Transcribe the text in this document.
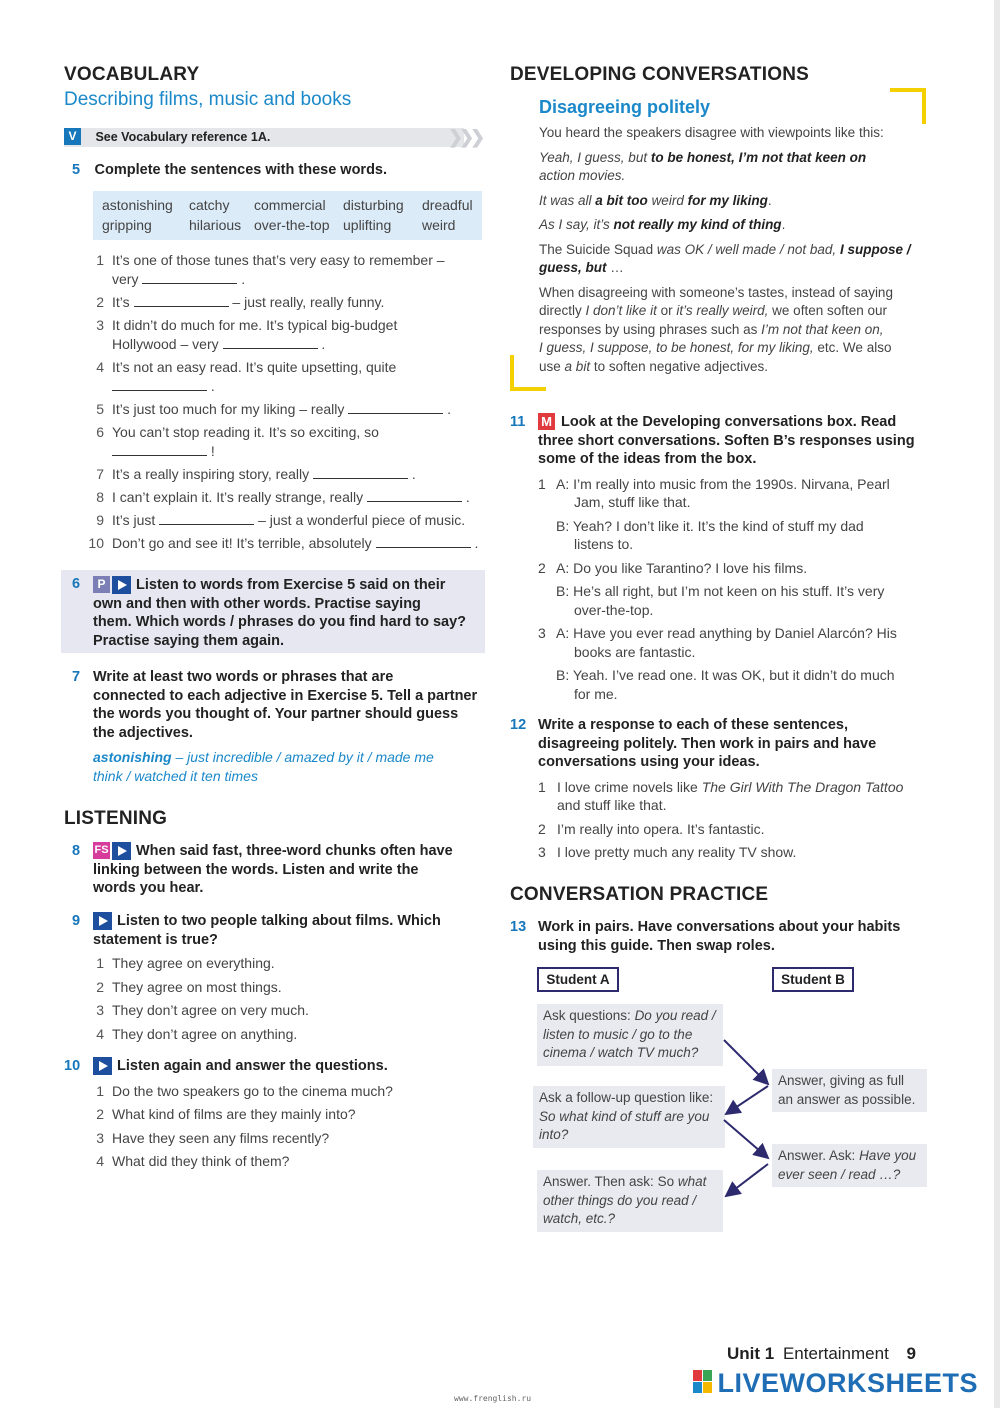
VOCABULARY
Describing films, music and books
V $^{See Vocabulary reference 1A.}$	❯❯❯
5 Complete the sentences with these words.
astonishing catchy commercial disturbing dreadful
gripping	hilarious over-the-top uplifting weird
1 It’s one of those tunes that’s very easy to remember –
very	.
2 It’s	– just really, really funny.
3 It didn’t do much for me. It’s typical big-budget
Hollywood – very	.
4 It’s not an easy read. It’s quite upsetting, quite
.
5 It’s just too much for my liking – really	.
6 You can’t stop reading it. It’s so exciting, so
!
7 It’s a really inspiring story, really	.
8 I can’t explain it. It’s really strange, really	.
9 It’s just	– just a wonderful piece of music.
10 Don’t go and see it! It’s terrible, absolutely	.
6	P Listen to words from Exercise 5 said on their
own and then with other words. Practise saying
them. Which words / phrases do you find hard to say?
Practise saying them again.
7 Write at least two words or phrases that are
connected to each adjective in Exercise 5. Tell a partner
the words you thought of. Your partner should guess
the adjectives.
astonishing – just incredible / amazed by it / made me
think / watched it ten times
LISTENING
8 FS When said fast, three-word chunks often have
linking between the words. Listen and write the
words you hear.
9	Listen to two people talking about films. Which
statement is true?
1 They agree on everything.
2 They agree on most things.
3 They don’t agree on very much.
4 They don’t agree on anything.
10	Listen again and answer the questions.
1 Do the two speakers go to the cinema much?
2 What kind of films are they mainly into?
3 Have they seen any films recently?
4 What did they think of them?
DEVELOPING CONVERSATIONS
Disagreeing politely
You heard the speakers disagree with viewpoints like this:
Yeah, I guess, but to be honest, I’m not that keen on
action movies.
It was all a bit too weird for my liking.
As I say, it’s not really my kind of thing.
The Suicide Squad was OK / well made / not bad, I suppose /
guess, but …
When disagreeing with someone’s tastes, instead of saying
directly I don’t like it or it’s really weird, we often soften our
responses by using phrases such as I’m not that keen on,
I guess, I suppose, to be honest, for my liking, etc. We also
use a bit to soften negative adjectives.
11 M Look at the Developing conversations box. Read
three short conversations. Soften B’s responses using
some of the ideas from the box.
1 A: I’m really into music from the 1990s. Nirvana, Pearl
Jam, stuff like that.
B: Yeah? I don’t like it. It’s the kind of stuff my dad
listens to.
2 A: Do you like Tarantino? I love his films.
B: He’s all right, but I’m not keen on his stuff. It’s very
over-the-top.
3 A: Have you ever read anything by Daniel Alarcón? His
books are fantastic.
B: Yeah. I’ve read one. It was OK, but it didn’t do much
for me.
12 Write a response to each of these sentences,
disagreeing politely. Then work in pairs and have
conversations using your ideas.
1 I love crime novels like The Girl With The Dragon Tattoo
and stuff like that.
2 I’m really into opera. It’s fantastic.
3 I love pretty much any reality TV show.
CONVERSATION PRACTICE
13 Work in pairs. Have conversations about your habits
using this guide. Then swap roles.
Student A	Student B
Ask questions: Do you read /
listen to music / go to the
cinema / watch TV much?
Answer, giving as full
an answer as possible.
Ask a follow-up question like:
So what kind of stuff are you
into?
Answer. Ask: Have you
ever seen / read …?
Answer. Then ask: So what
other things do you read /
watch, etc.?
Unit 1 Entertainment 9
LIVEWORKSHEETS
www.frenglish.ru
